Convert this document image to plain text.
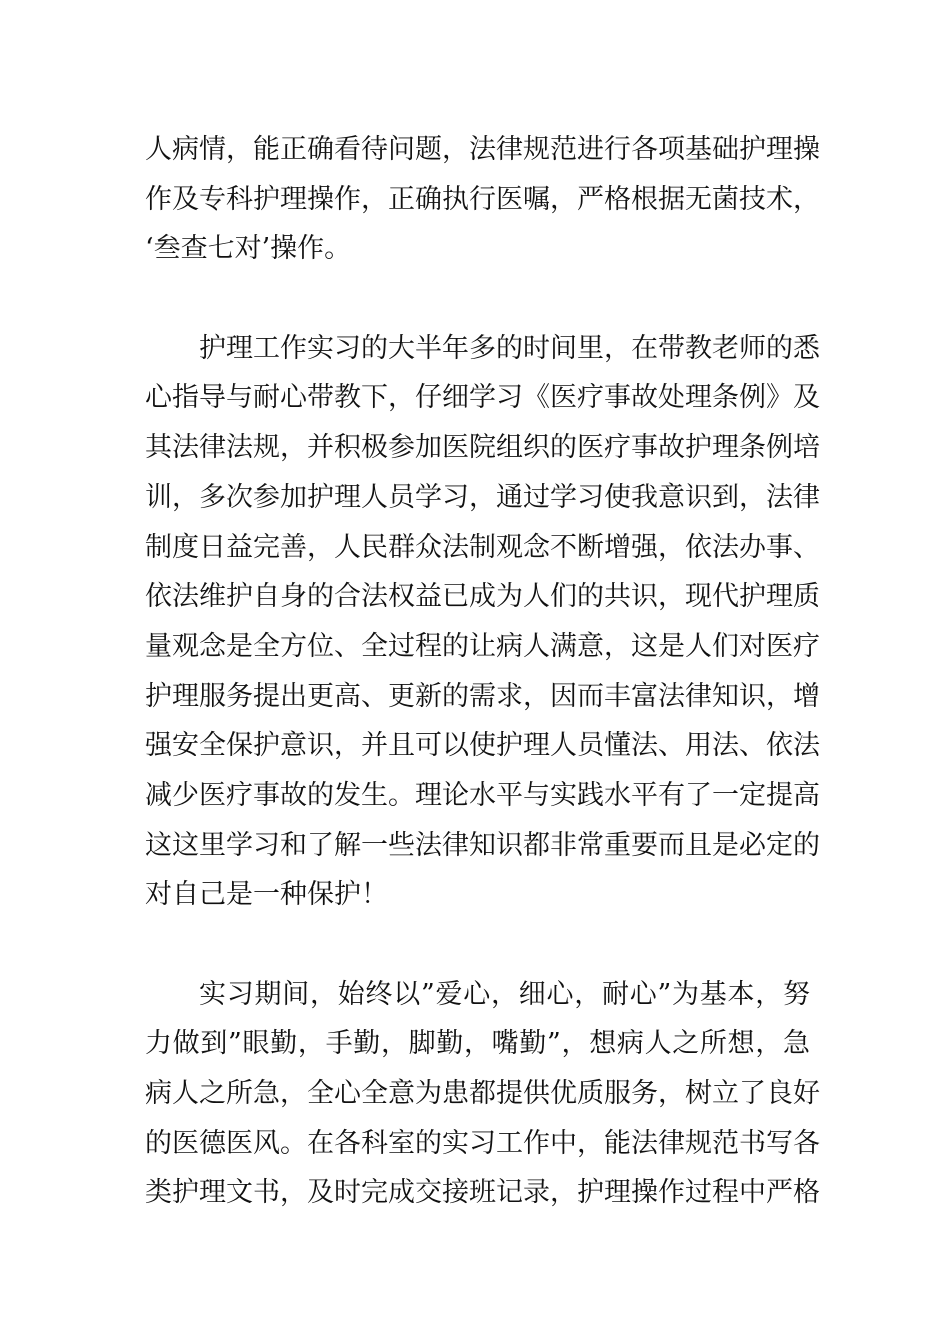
人病情，能正确看待问题，法律规范进行各项基础护理操
作及专科护理操作，正确执行医嘱，严格根据无菌技术，
‘叁查七对’操作。
护理工作实习的大半年多的时间里，在带教老师的悉
心指导与耐心带教下，仔细学习《医疗事故处理条例》及
其法律法规，并积极参加医院组织的医疗事故护理条例培
训，多次参加护理人员学习，通过学习使我意识到，法律
制度日益完善，人民群众法制观念不断增强，依法办事、
依法维护自身的合法权益已成为人们的共识，现代护理质
量观念是全方位、全过程的让病人满意，这是人们对医疗
护理服务提出更高、更新的需求，因而丰富法律知识，增
强安全保护意识，并且可以使护理人员懂法、用法、依法
减少医疗事故的发生。理论水平与实践水平有了一定提高
这这里学习和了解一些法律知识都非常重要而且是必定的
对自己是一种保护！
实习期间，始终以”爱心，细心，耐心”为基本，努
力做到”眼勤，手勤，脚勤，嘴勤”，想病人之所想，急
病人之所急，全心全意为患都提供优质服务，树立了良好
的医德医风。在各科室的实习工作中，能法律规范书写各
类护理文书，及时完成交接班记录，护理操作过程中严格
